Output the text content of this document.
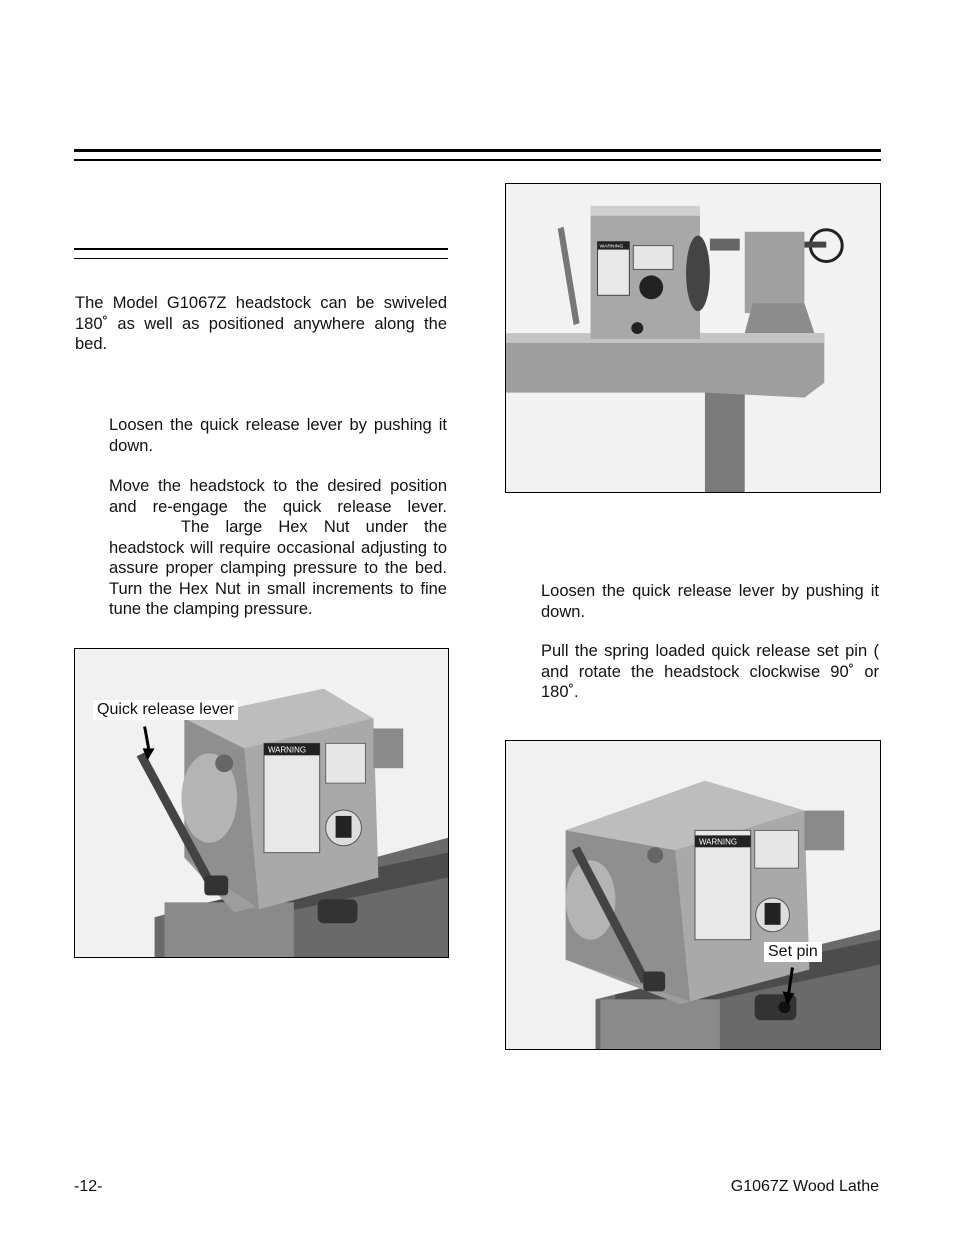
The Model G1067Z headstock can be swiveled 180˚ as well as positioned anywhere along the bed.

Loosen the quick release lever by pushing it down.

Move the headstock to the desired position and re-engage the quick release lever.  The large Hex Nut under the headstock will require occasional adjusting to assure proper clamping pressure to the bed. Turn the Hex Nut in small increments to fine tune the clamping pressure.

WARNING
Quick release lever
WARNING

Loosen the quick release lever by pushing it down.

Pull the spring loaded quick release set pin (            and rotate the headstock clockwise 90˚ or 180˚.

WARNING
Set pin
-12-	G1067Z Wood Lathe
